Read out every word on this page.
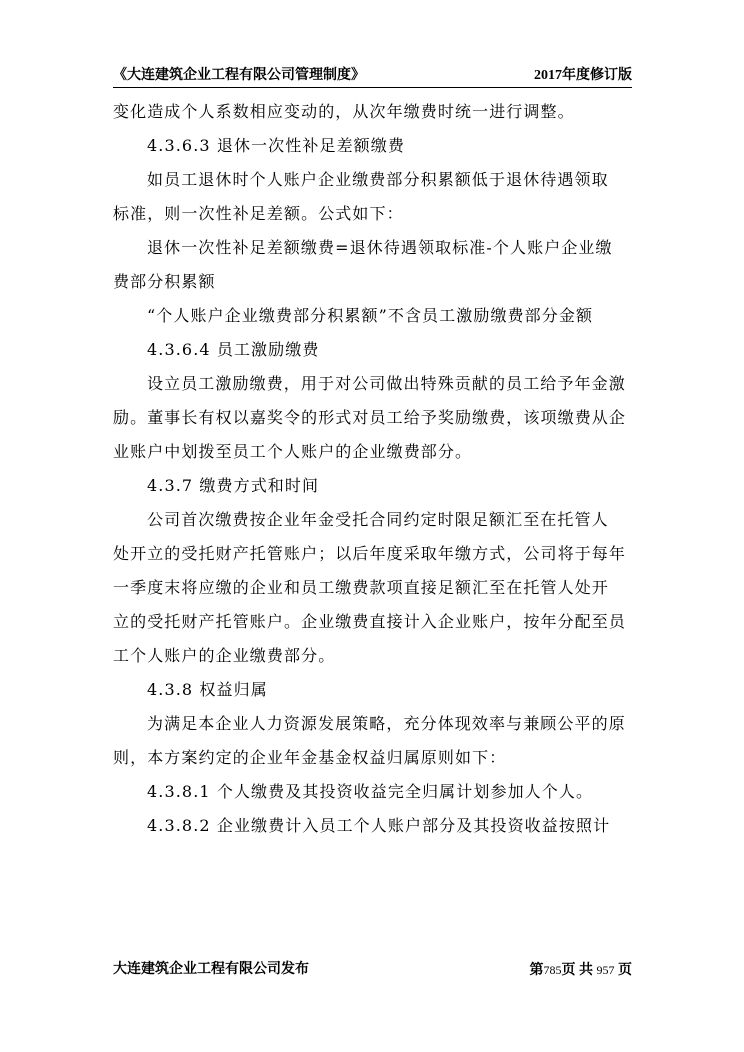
《大连建筑企业工程有限公司管理制度》	2017年度修订版
变化造成个人系数相应变动的，从次年缴费时统一进行调整。
4.3.6.3 退休一次性补足差额缴费
如员工退休时个人账户企业缴费部分积累额低于退休待遇领取
标准，则一次性补足差额。公式如下：
退休一次性补足差额缴费=退休待遇领取标准-个人账户企业缴
费部分积累额
“个人账户企业缴费部分积累额”不含员工激励缴费部分金额
4.3.6.4 员工激励缴费
设立员工激励缴费，用于对公司做出特殊贡献的员工给予年金激
励。董事长有权以嘉奖令的形式对员工给予奖励缴费，该项缴费从企
业账户中划拨至员工个人账户的企业缴费部分。
4.3.7 缴费方式和时间
公司首次缴费按企业年金受托合同约定时限足额汇至在托管人
处开立的受托财产托管账户；以后年度采取年缴方式，公司将于每年
一季度末将应缴的企业和员工缴费款项直接足额汇至在托管人处开
立的受托财产托管账户。企业缴费直接计入企业账户，按年分配至员
工个人账户的企业缴费部分。
4.3.8 权益归属
为满足本企业人力资源发展策略，充分体现效率与兼顾公平的原
则，本方案约定的企业年金基金权益归属原则如下：
4.3.8.1 个人缴费及其投资收益完全归属计划参加人个人。
4.3.8.2 企业缴费计入员工个人账户部分及其投资收益按照计
大连建筑企业工程有限公司发布	第785页 共 957 页
